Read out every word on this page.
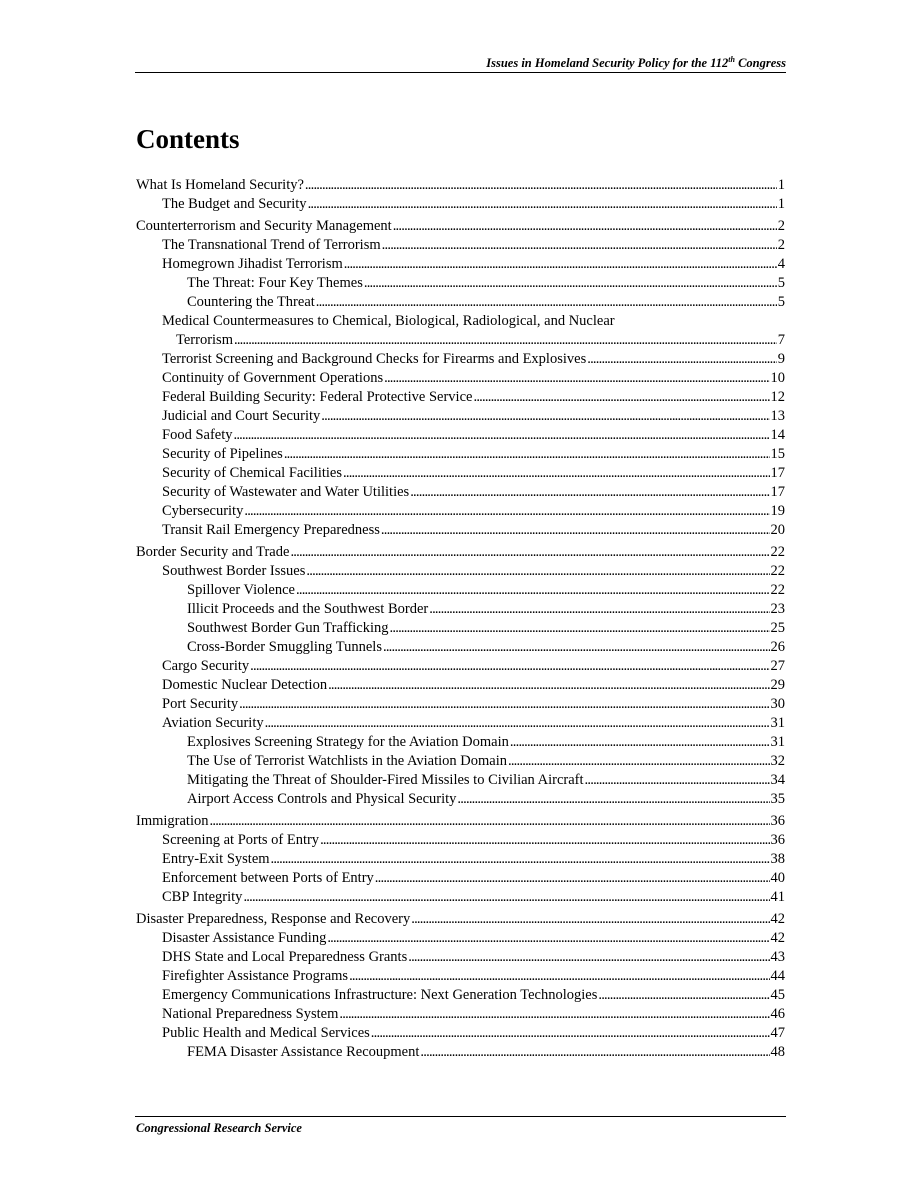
Issues in Homeland Security Policy for the 112th Congress
Contents
What Is Homeland Security? . . .	1
The Budget and Security . . .	1
Counterterrorism and Security Management . . .	2
The Transnational Trend of Terrorism . . .	2
Homegrown Jihadist Terrorism . . .	4
The Threat: Four Key Themes . . .	5
Countering the Threat . . .	5
Medical Countermeasures to Chemical, Biological, Radiological, and Nuclear
Terrorism . . .	7
Terrorist Screening and Background Checks for Firearms and Explosives . . .	9
Continuity of Government Operations . . .	10
Federal Building Security: Federal Protective Service . . .	12
Judicial and Court Security . . .	13
Food Safety . . .	14
Security of Pipelines . . .	15
Security of Chemical Facilities . . .	17
Security of Wastewater and Water Utilities . . .	17
Cybersecurity . . .	19
Transit Rail Emergency Preparedness . . .	20
Border Security and Trade . . .	22
Southwest Border Issues . . .	22
Spillover Violence . . .	22
Illicit Proceeds and the Southwest Border . . .	23
Southwest Border Gun Trafficking . . .	25
Cross-Border Smuggling Tunnels . . .	26
Cargo Security . . .	27
Domestic Nuclear Detection . . .	29
Port Security . . .	30
Aviation Security . . .	31
Explosives Screening Strategy for the Aviation Domain . . .	31
The Use of Terrorist Watchlists in the Aviation Domain . . .	32
Mitigating the Threat of Shoulder-Fired Missiles to Civilian Aircraft . . .	34
Airport Access Controls and Physical Security . . .	35
Immigration . . .	36
Screening at Ports of Entry . . .	36
Entry-Exit System . . .	38
Enforcement between Ports of Entry . . .	40
CBP Integrity . . .	41
Disaster Preparedness, Response and Recovery . . .	42
Disaster Assistance Funding . . .	42
DHS State and Local Preparedness Grants . . .	43
Firefighter Assistance Programs . . .	44
Emergency Communications Infrastructure: Next Generation Technologies . . .	45
National Preparedness System . . .	46
Public Health and Medical Services . . .	47
FEMA Disaster Assistance Recoupment . . .	48
Congressional Research Service
